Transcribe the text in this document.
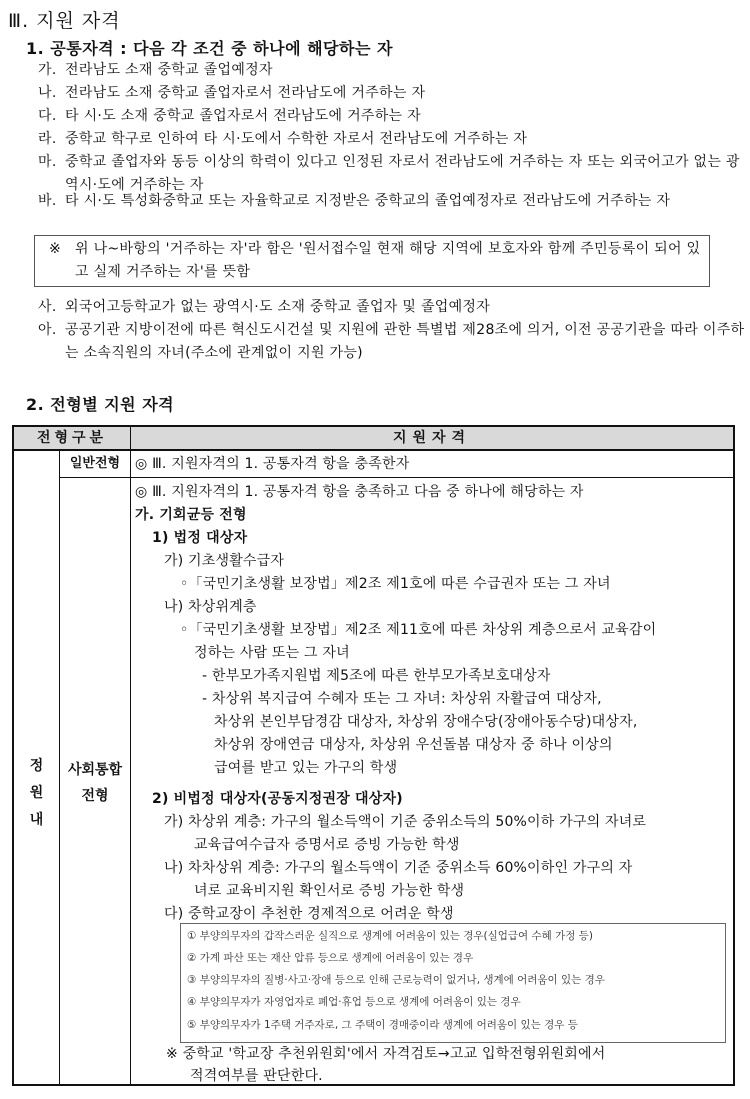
Ⅲ. 지원 자격
1. 공통자격 : 다음 각 조건 중 하나에 해당하는 자
가. 전라남도 소재 중학교 졸업예정자
나. 전라남도 소재 중학교 졸업자로서 전라남도에 거주하는 자
다. 타 시·도 소재 중학교 졸업자로서 전라남도에 거주하는 자
라. 중학교 학구로 인하여 타 시·도에서 수학한 자로서 전라남도에 거주하는 자
마. 중학교 졸업자와 동등 이상의 학력이 있다고 인정된 자로서 전라남도에 거주하는 자 또는 외국어고가 없는 광역시·도에 거주하는 자
바. 타 시·도 특성화중학교 또는 자율학교로 지정받은 중학교의 졸업예정자로 전라남도에 거주하는 자
※ 위 나~바항의 '거주하는 자'라 함은 '원서접수일 현재 해당 지역에 보호자와 함께 주민등록이 되어 있고 실제 거주하는 자'를 뜻함
사. 외국어고등학교가 없는 광역시·도 소재 중학교 졸업자 및 졸업예정자
아. 공공기관 지방이전에 따른 혁신도시건설 및 지원에 관한 특별법 제28조에 의거, 이전 공공기관을 따라 이주하는 소속직원의 자녀(주소에 관계없이 지원 가능)
2. 전형별 지원 자격
전형구분	지원자격
정
원
내
일반전형
사회통합
전형
◎ Ⅲ. 지원자격의 1. 공통자격 항을 충족한자
◎ Ⅲ. 지원자격의 1. 공통자격 항을 충족하고 다음 중 하나에 해당하는 자
가. 기회균등 전형
1) 법정 대상자
가) 기초생활수급자
◦「국민기초생활 보장법」제2조 제1호에 따른 수급권자 또는 그 자녀
나) 차상위계층
◦「국민기초생활 보장법」제2조 제11호에 따른 차상위 계층으로서 교육감이
정하는 사람 또는 그 자녀
- 한부모가족지원법 제5조에 따른 한부모가족보호대상자
- 차상위 복지급여 수혜자 또는 그 자녀: 차상위 자활급여 대상자,
차상위 본인부담경감 대상자, 차상위 장애수당(장애아동수당)대상자,
차상위 장애연금 대상자, 차상위 우선돌봄 대상자 중 하나 이상의
급여를 받고 있는 가구의 학생
2) 비법정 대상자(공동지정권장 대상자)
가) 차상위 계층: 가구의 월소득액이 기준 중위소득의 50%이하 가구의 자녀로
교육급여수급자 증명서로 증빙 가능한 학생
나) 차차상위 계층: 가구의 월소득액이 기준 중위소득 60%이하인 가구의 자
녀로 교육비지원 확인서로 증빙 가능한 학생
다) 중학교장이 추천한 경제적으로 어려운 학생
① 부양의무자의 갑작스러운 실직으로 생계에 어려움이 있는 경우(실업급여 수혜 가정 등)
② 가계 파산 또는 재산 압류 등으로 생계에 어려움이 있는 경우
③ 부양의무자의 질병·사고·장애 등으로 인해 근로능력이 없거나, 생계에 어려움이 있는 경우
④ 부양의무자가 자영업자로 폐업·휴업 등으로 생계에 어려움이 있는 경우
⑤ 부양의무자가 1주택 거주자로, 그 주택이 경매중이라 생계에 어려움이 있는 경우 등
※ 중학교 '학교장 추천위원회'에서 자격검토→고교 입학전형위원회에서
적격여부를 판단한다.
